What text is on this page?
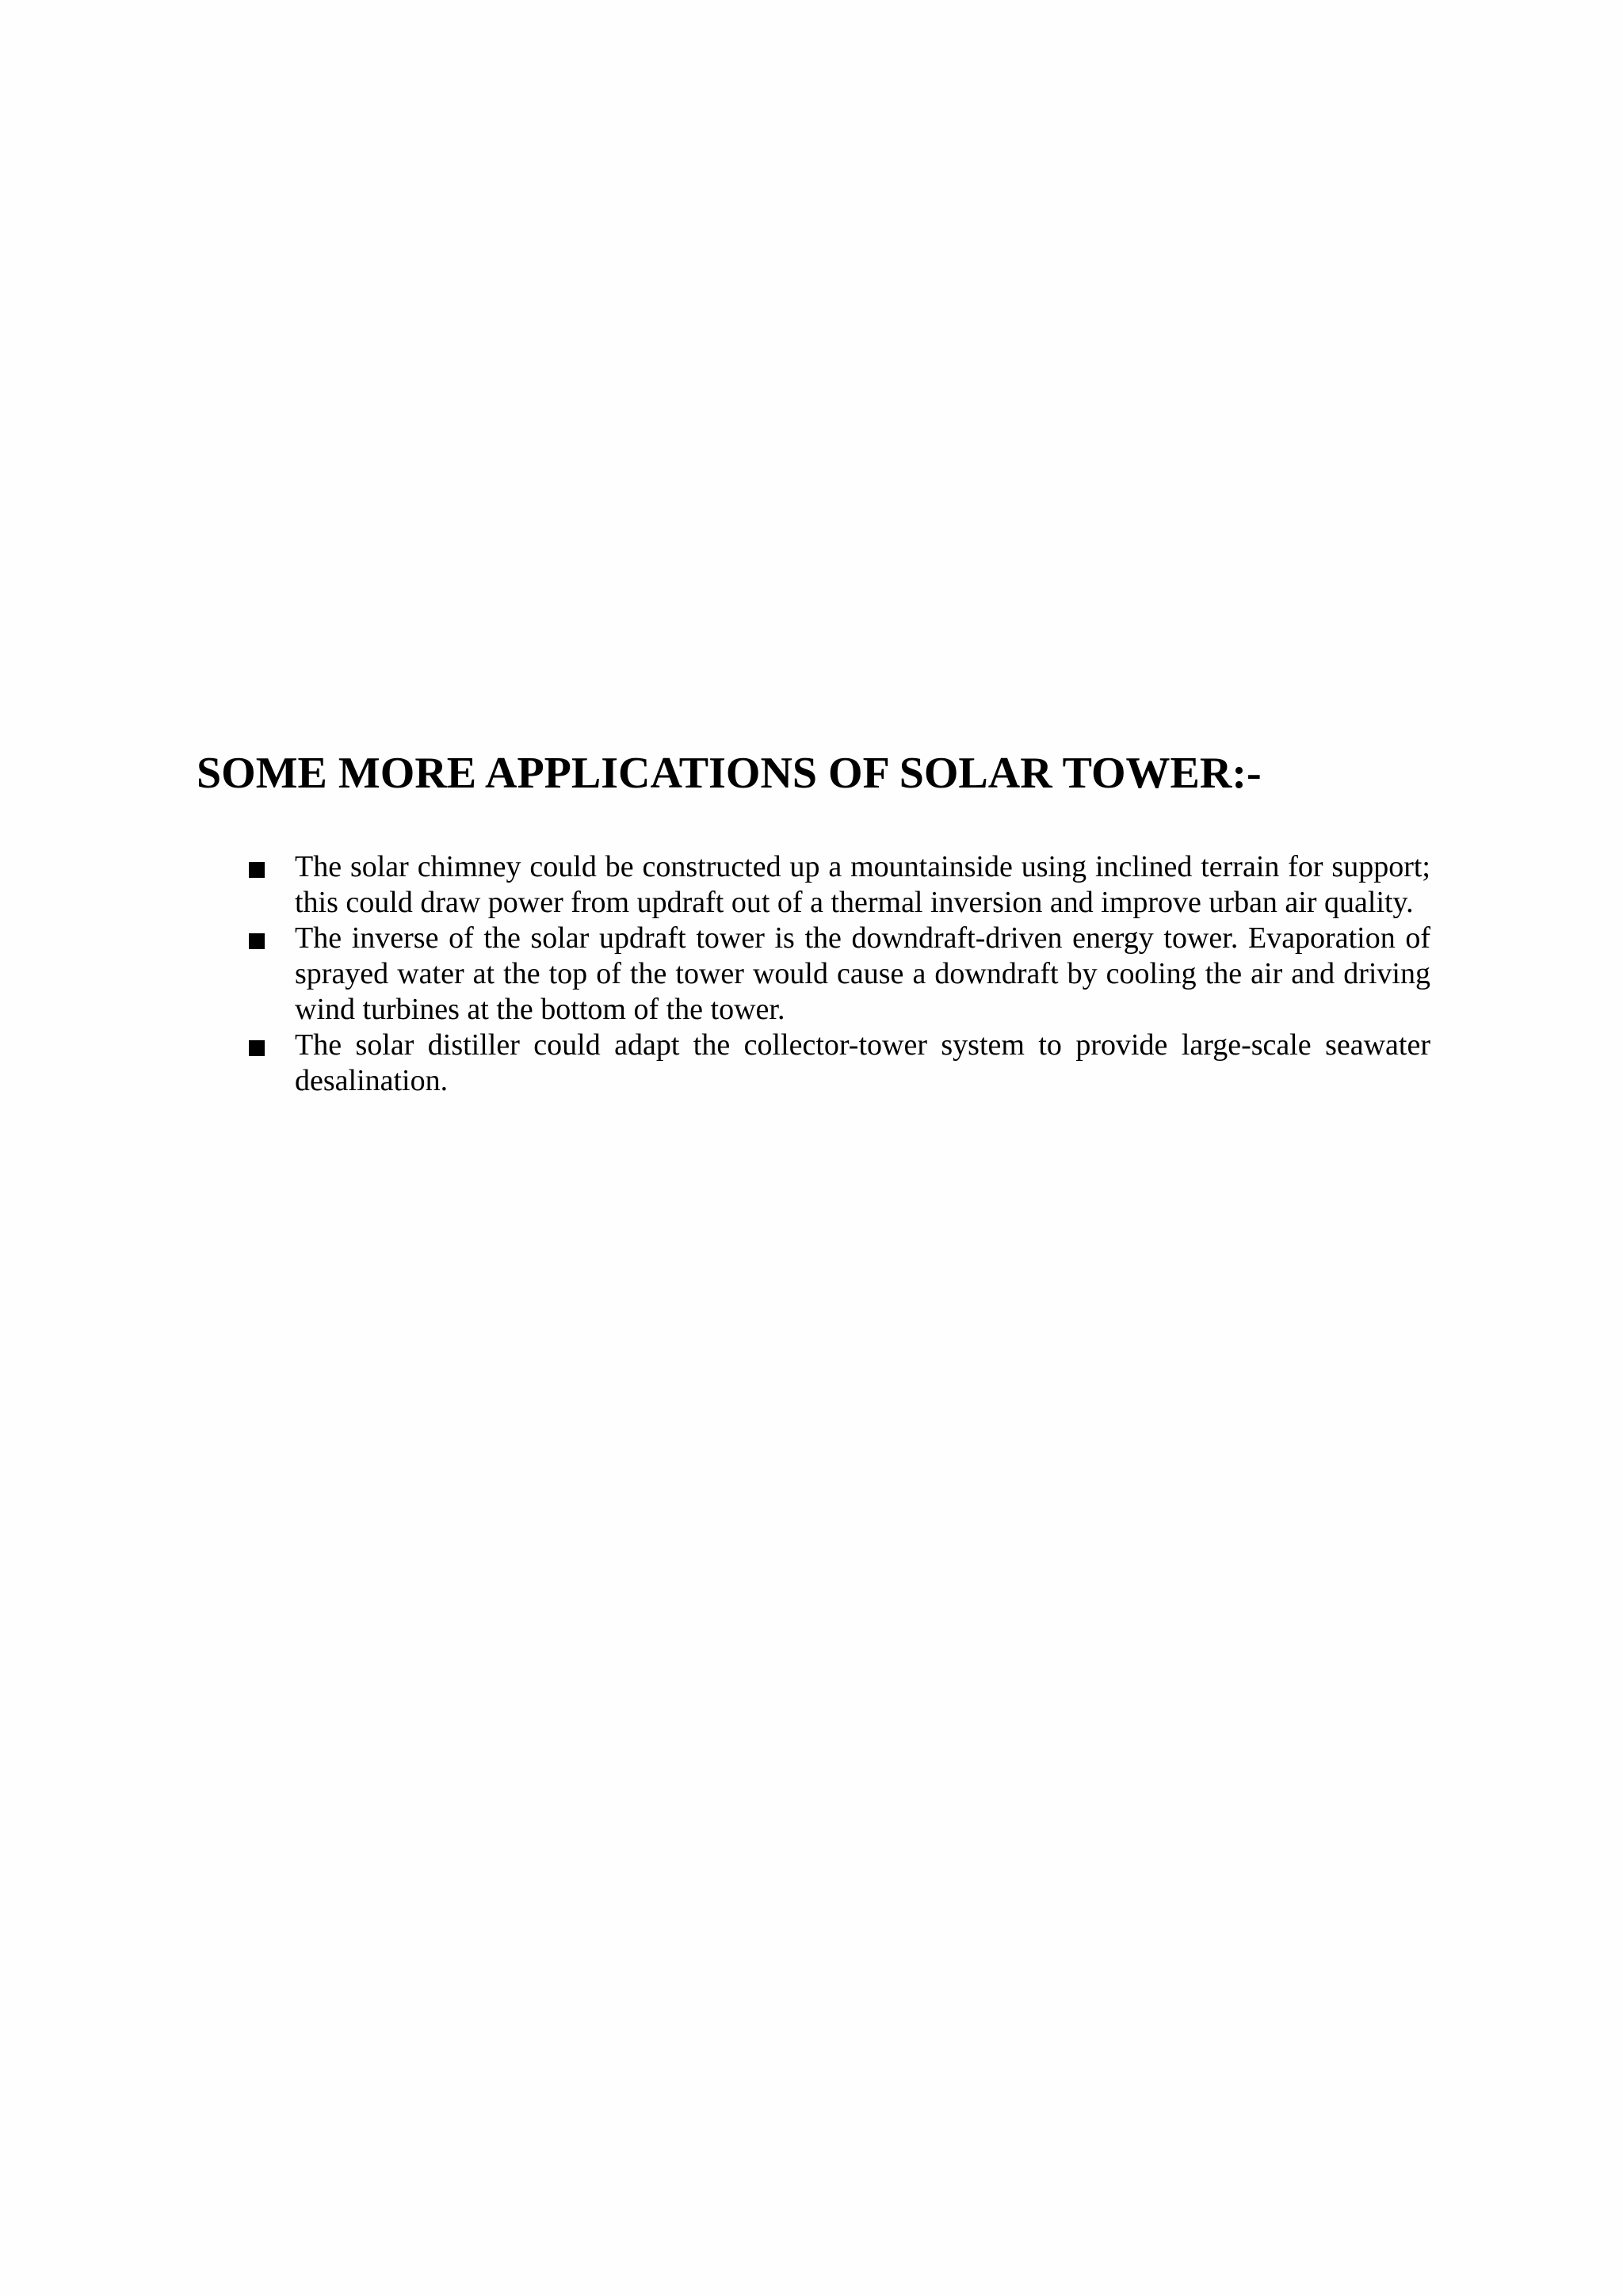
SOME MORE APPLICATIONS OF SOLAR TOWER:-
The solar chimney could be constructed up a mountainside using inclined terrain for support; this could draw power from updraft out of a thermal inversion and improve urban air quality.
The inverse of the solar updraft tower is the downdraft-driven energy tower. Evaporation of sprayed water at the top of the tower would cause a downdraft by cooling the air and driving wind turbines at the bottom of the tower.
The solar distiller could adapt the collector-tower system to provide large-scale seawater desalination.
